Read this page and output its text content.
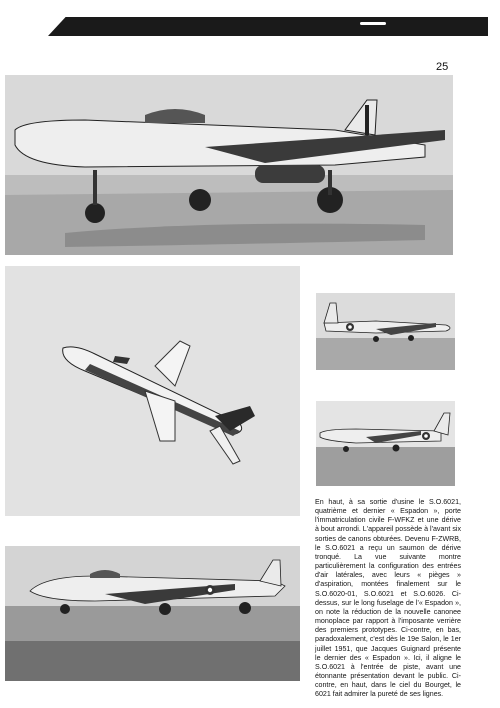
25
En haut, à sa sortie d'usine le S.O.6021, quatrième et dernier « Espadon », porte l'immatriculation civile F-WFKZ et une dérive à bout arrondi. L'appareil possède à l'avant six sorties de canons obturées. Devenu F-ZWRB, le S.O.6021 a reçu un saumon de dérive tronqué. La vue suivante montre particulièrement la configuration des entrées d'air latérales, avec leurs « pièges » d'aspiration, montées finalement sur le S.O.6020-01, S.O.6021 et S.O.6026. Ci-dessus, sur le long fuselage de l'« Espadon », on note la réduction de la nouvelle canonee monoplace par rapport à l'imposante verrière des premiers prototypes. Ci-contre, en bas, paradoxalement, c'est dès le 19e Salon, le 1er juillet 1951, que Jacques Guignard présente le dernier des « Espadon ». Ici, il aligne le S.O.6021 à l'entrée de piste, avant une étonnante présentation devant le public. Ci-contre, en haut, dans le ciel du Bourget, le 6021 fait admirer la pureté de ses lignes.
